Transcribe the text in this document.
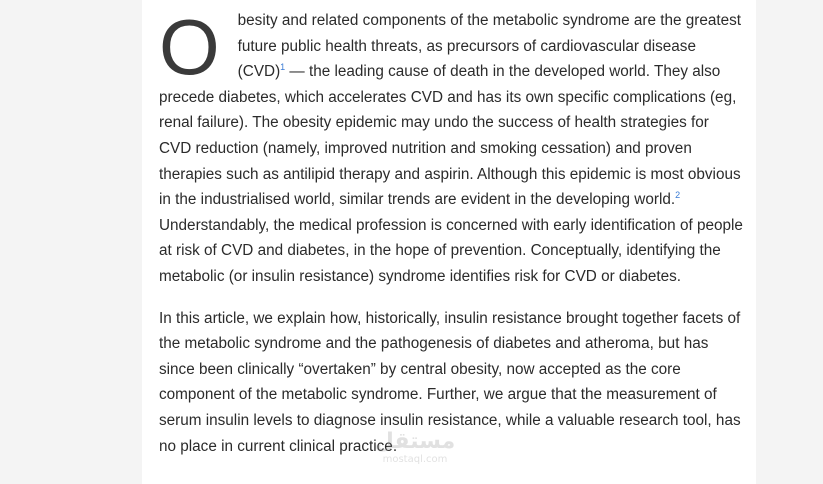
O besity and related components of the metabolic syndrome are the greatest future public health threats, as precursors of cardiovascular disease (CVD)$^1$ — the leading cause of death in the developed world. They also precede diabetes, which accelerates CVD and has its own specific complications (eg, renal failure). The obesity epidemic may undo the success of health strategies for CVD reduction (namely, improved nutrition and smoking cessation) and proven therapies such as antilipid therapy and aspirin. Although this epidemic is most obvious in the industrialised world, similar trends are evident in the developing world.$^2$ Understandably, the medical profession is concerned with early identification of people at risk of CVD and diabetes, in the hope of prevention. Conceptually, identifying the metabolic (or insulin resistance) syndrome identifies risk for CVD or diabetes.

In this article, we explain how, historically, insulin resistance brought together facets of the metabolic syndrome and the pathogenesis of diabetes and atheroma, but has since been clinically “overtaken” by central obesity, now accepted as the core component of the metabolic syndrome. Further, we argue that the measurement of serum insulin levels to diagnose insulin resistance, while a valuable research tool, has no place in current clinical practice.

مستقل
mostaql.com
